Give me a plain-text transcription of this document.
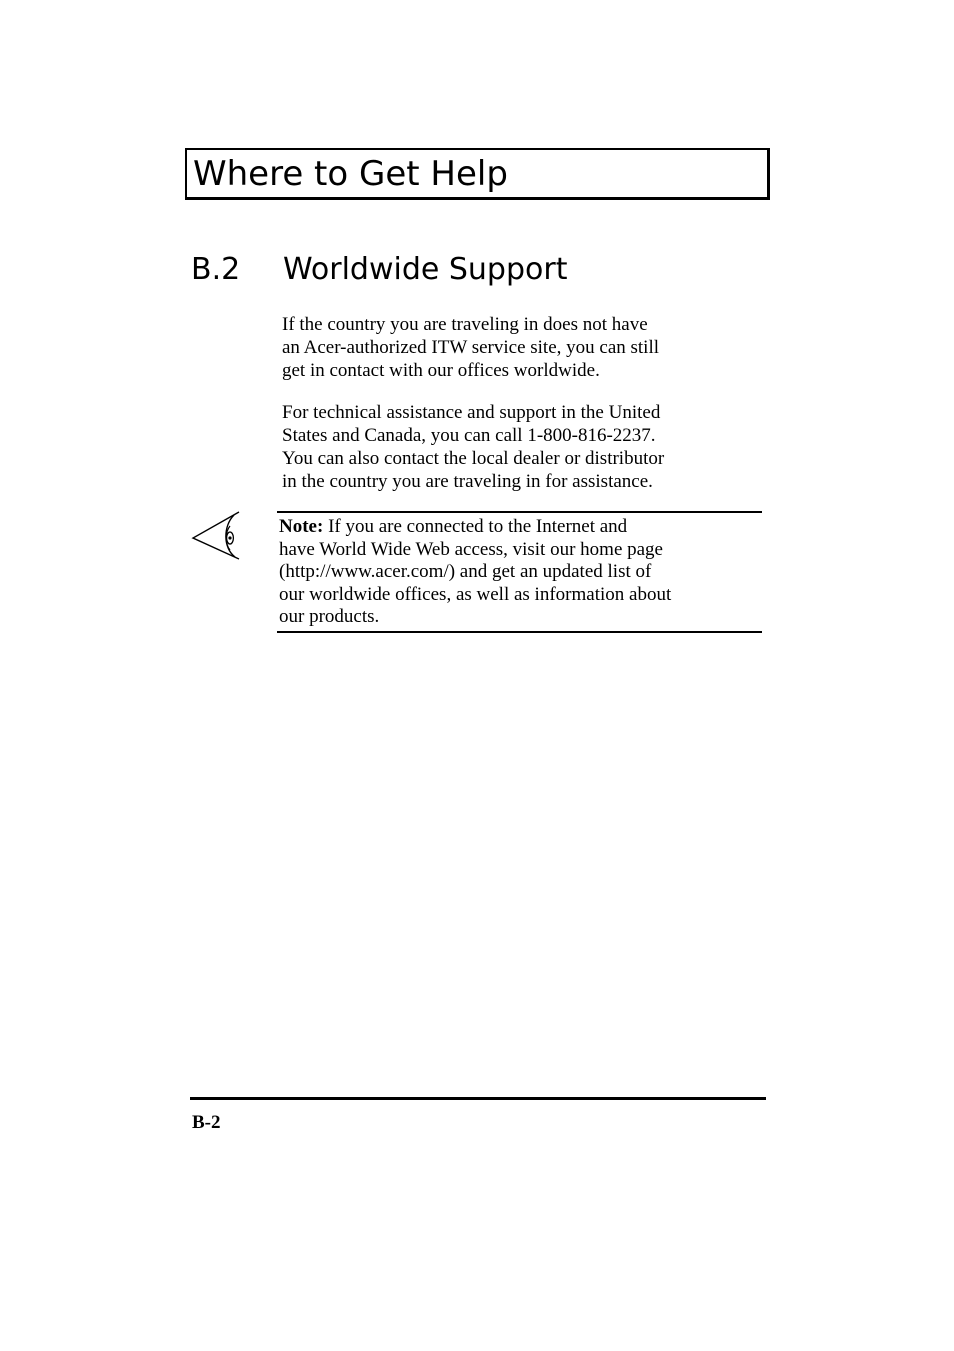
Where to Get Help
B.2 Worldwide Support
If the country you are traveling in does not have
an Acer-authorized ITW service site, you can still
get in contact with our offices worldwide.
For technical assistance and support in the United
States and Canada, you can call 1-800-816-2237.
You can also contact the local dealer or distributor
in the country you are traveling in for assistance.
Note: If you are connected to the Internet and
have World Wide Web access, visit our home page
(http://www.acer.com/) and get an updated list of
our worldwide offices, as well as information about
our products.
B-2
